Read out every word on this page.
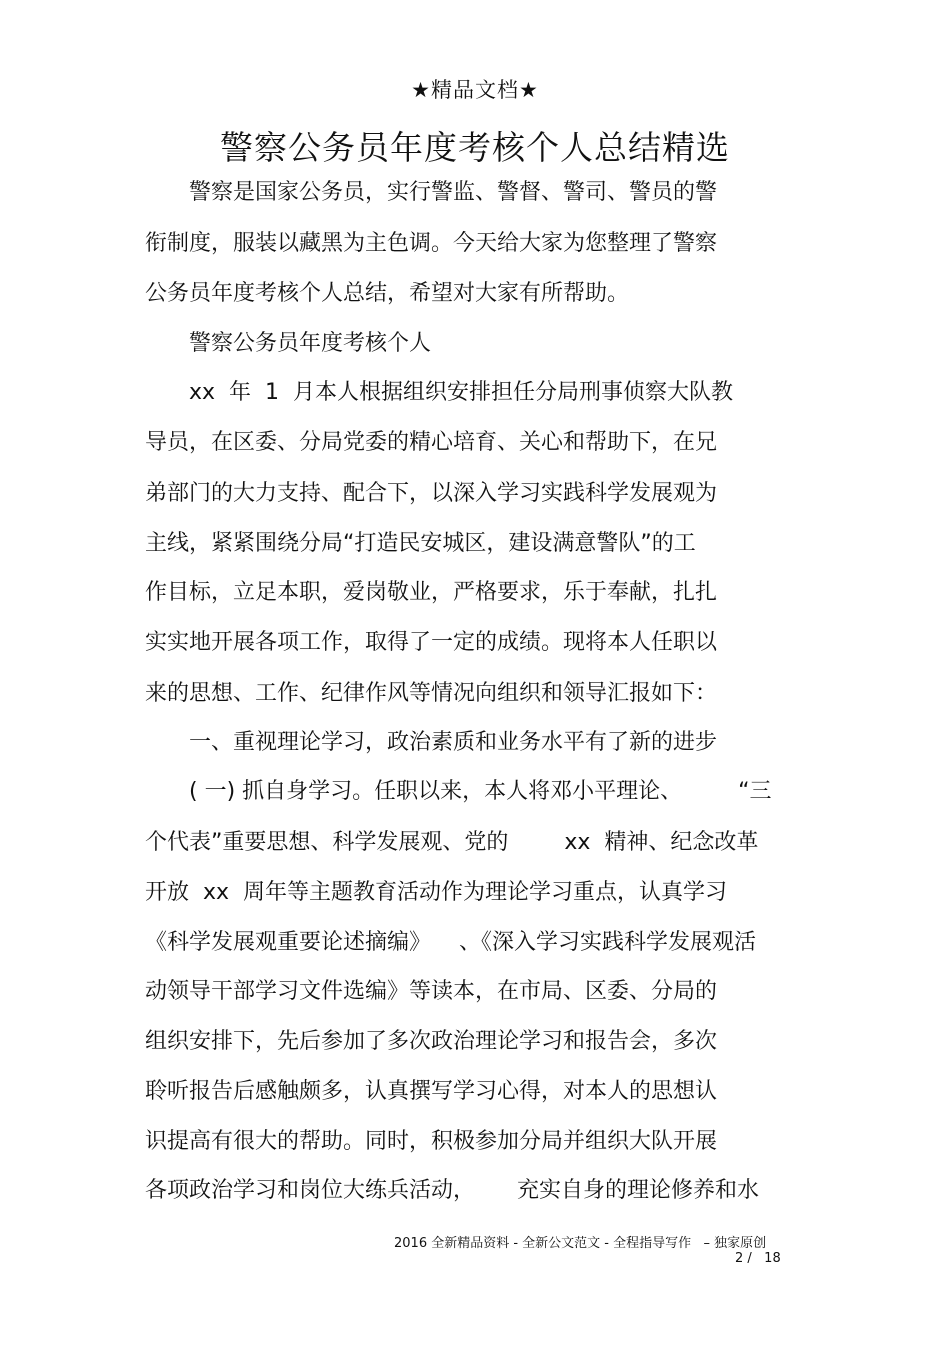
★精品文档★
警察公务员年度考核个人总结精选
　　警察是国家公务员，实行警监、警督、警司、警员的警
衔制度，服装以藏黑为主色调。今天给大家为您整理了警察
公务员年度考核个人总结，希望对大家有所帮助。
　　警察公务员年度考核个人
　　xx  年  1  月本人根据组织安排担任分局刑事侦察大队教
导员，在区委、分局党委的精心培育、关心和帮助下，在兄
弟部门的大力支持、配合下，以深入学习实践科学发展观为
主线，紧紧围绕分局“打造民安城区，建设满意警队”的工
作目标，立足本职，爱岗敬业，严格要求，乐于奉献，扎扎
实实地开展各项工作，取得了一定的成绩。现将本人任职以
来的思想、工作、纪律作风等情况向组织和领导汇报如下：
　　一、重视理论学习，政治素质和业务水平有了新的进步
　　( 一) 抓自身学习。任职以来，本人将邓小平理论、        “三
个代表”重要思想、科学发展观、党的        xx  精神、纪念改革
开放  xx  周年等主题教育活动作为理论学习重点，认真学习
《科学发展观重要论述摘编》    、《深入学习实践科学发展观活
动领导干部学习文件选编》等读本，在市局、区委、分局的
组织安排下，先后参加了多次政治理论学习和报告会，多次
聆听报告后感触颇多，认真撰写学习心得，对本人的思想认
识提高有很大的帮助。同时，积极参加分局并组织大队开展
各项政治学习和岗位大练兵活动，      充实自身的理论修养和水
2016 全新精品资料 - 全新公文范文 - 全程指导写作   – 独家原创
2 /   18
